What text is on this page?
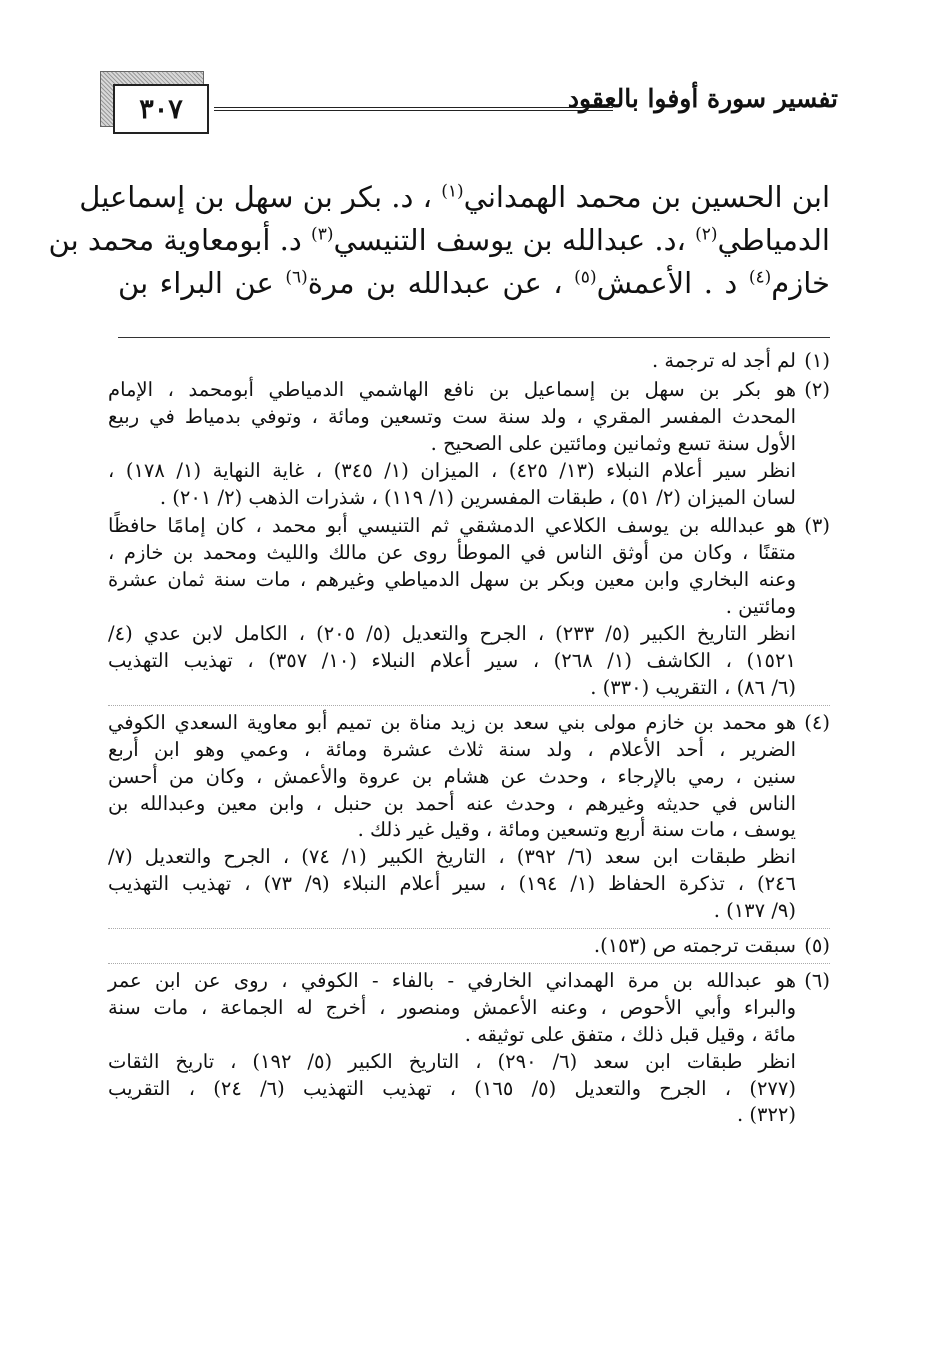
تفسير سورة أوفوا بالعقود
٣٠٧
ابن الحسين بن محمد الهمداني$^{(١)}$ ، د. بكر بن سهل بن إسماعيل
الدمياطي$^{(٢)}$ ،د. عبدالله بن يوسف التنيسي$^{(٣)}$ د. أبومعاوية محمد بن
خازم$^{(٤)}$ د . الأعمش$^{(٥)}$ ، عن عبدالله بن مرة$^{(٦)}$ عن البراء بن
(١)
لم أجد له ترجمة .
(٢)
هو بكر بن سهل بن إسماعيل بن نافع الهاشمي الدمياطي أبومحمد ، الإمام
المحدث المفسر المقري ، ولد سنة ست وتسعين ومائة ، وتوفي بدمياط في ربيع
الأول سنة تسع وثمانين ومائتين على الصحيح .
انظر سير أعلام النبلاء (١٣/ ٤٢٥) ، الميزان (١/ ٣٤٥) ، غاية النهاية (١/ ١٧٨) ،
لسان الميزان (٢/ ٥١) ، طبقات المفسرين (١/ ١١٩) ، شذرات الذهب (٢/ ٢٠١) .
(٣)
هو عبدالله بن يوسف الكلاعي الدمشقي ثم التنيسي أبو محمد ، كان إمامًا حافظًا
متقنًا ، وكان من أوثق الناس في الموطأ روى عن مالك والليث ومحمد بن خازم ،
وعنه البخاري وابن معين وبكر بن سهل الدمياطي وغيرهم ، مات سنة ثمان عشرة
ومائتين .
انظر التاريخ الكبير (٥/ ٢٣٣) ، الجرح والتعديل (٥/ ٢٠٥) ، الكامل لابن عدي (٤/
١٥٢١) ، الكاشف (١/ ٢٦٨) ، سير أعلام النبلاء (١٠/ ٣٥٧) ، تهذيب التهذيب
(٦/ ٨٦) ، التقريب (٣٣٠) .
(٤)
هو محمد بن خازم مولى بني سعد بن زيد مناة بن تميم أبو معاوية السعدي الكوفي
الضرير ، أحد الأعلام ، ولد سنة ثلاث عشرة ومائة ، وعمي وهو ابن أربع
سنين ، رمي بالإرجاء ، وحدث عن هشام بن عروة والأعمش ، وكان من أحسن
الناس في حديثه وغيرهم ، وحدث عنه أحمد بن حنبل ، وابن معين وعبدالله بن
يوسف ، مات سنة أربع وتسعين ومائة ، وقيل غير ذلك .
انظر طبقات ابن سعد (٦/ ٣٩٢) ، التاريخ الكبير (١/ ٧٤) ، الجرح والتعديل (٧/
٢٤٦) ، تذكرة الحفاظ (١/ ١٩٤) ، سير أعلام النبلاء (٩/ ٧٣) ، تهذيب التهذيب
(٩/ ١٣٧) .
(٥)
سبقت ترجمته ص (١٥٣).
(٦)
هو عبدالله بن مرة الهمداني الخارفي - بالفاء - الكوفي ، روى عن ابن عمر
والبراء وأبي الأحوص ، وعنه الأعمش ومنصور ، أخرج له الجماعة ، مات سنة
مائة ، وقيل قبل ذلك ، متفق على توثيقه .
انظر طبقات ابن سعد (٦/ ٢٩٠) ، التاريخ الكبير (٥/ ١٩٢) ، تاريخ الثقات
(٢٧٧) ، الجرح والتعديل (٥/ ١٦٥) ، تهذيب التهذيب (٦/ ٢٤) ، التقريب
(٣٢٢) .
